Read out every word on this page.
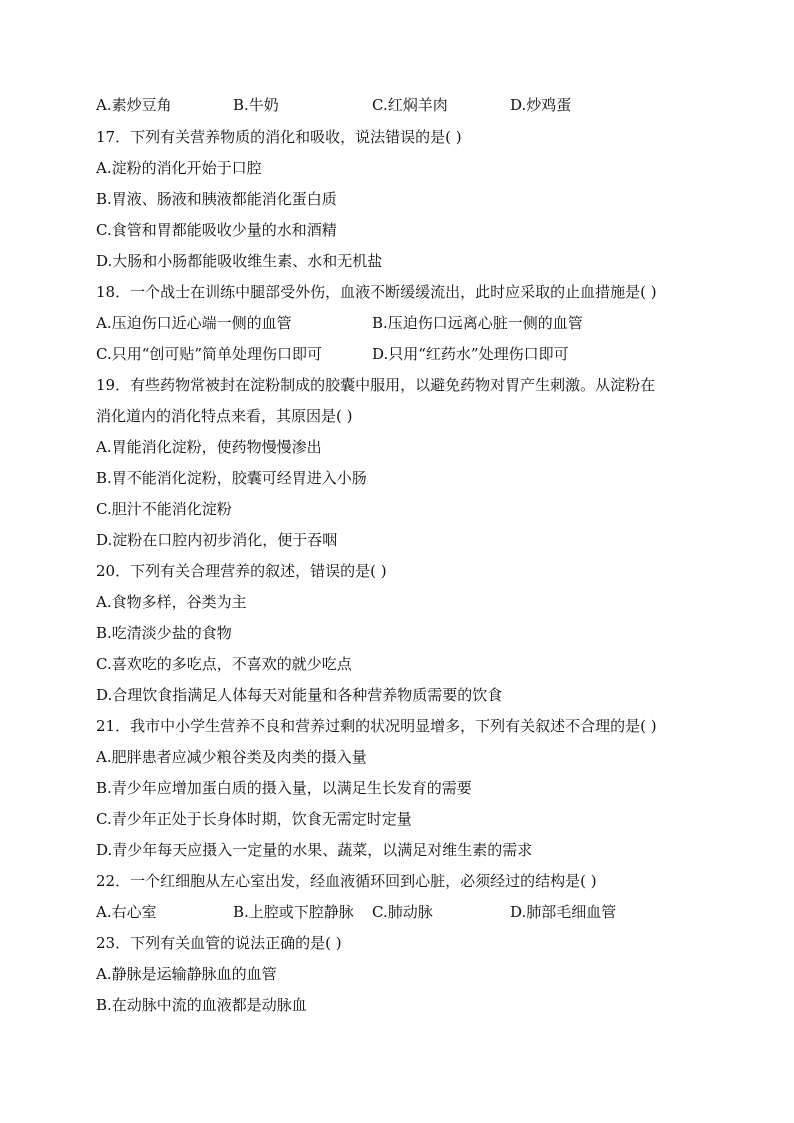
A.素炒豆角	B.牛奶	C.红焖羊肉	D.炒鸡蛋
17．下列有关营养物质的消化和吸收，说法错误的是( )
A.淀粉的消化开始于口腔
B.胃液、肠液和胰液都能消化蛋白质
C.食管和胃都能吸收少量的水和酒精
D.大肠和小肠都能吸收维生素、水和无机盐
18．一个战士在训练中腿部受外伤，血液不断缓缓流出，此时应采取的止血措施是( )
A.压迫伤口近心端一侧的血管	B.压迫伤口远离心脏一侧的血管
C.只用“创可贴”简单处理伤口即可	D.只用“红药水”处理伤口即可
19．有些药物常被封在淀粉制成的胶囊中服用，以避免药物对胃产生刺激。从淀粉在
消化道内的消化特点来看，其原因是( )
A.胃能消化淀粉，使药物慢慢渗出
B.胃不能消化淀粉，胶囊可经胃进入小肠
C.胆汁不能消化淀粉
D.淀粉在口腔内初步消化，便于吞咽
20．下列有关合理营养的叙述，错误的是( )
A.食物多样，谷类为主
B.吃清淡少盐的食物
C.喜欢吃的多吃点，不喜欢的就少吃点
D.合理饮食指满足人体每天对能量和各种营养物质需要的饮食
21．我市中小学生营养不良和营养过剩的状况明显增多，下列有关叙述不合理的是( )
A.肥胖患者应减少粮谷类及肉类的摄入量
B.青少年应增加蛋白质的摄入量，以满足生长发育的需要
C.青少年正处于长身体时期，饮食无需定时定量
D.青少年每天应摄入一定量的水果、蔬菜，以满足对维生素的需求
22．一个红细胞从左心室出发，经血液循环回到心脏，必须经过的结构是( )
A.右心室	B.上腔或下腔静脉 C.肺动脉	D.肺部毛细血管
23．下列有关血管的说法正确的是( )
A.静脉是运输静脉血的血管
B.在动脉中流的血液都是动脉血
